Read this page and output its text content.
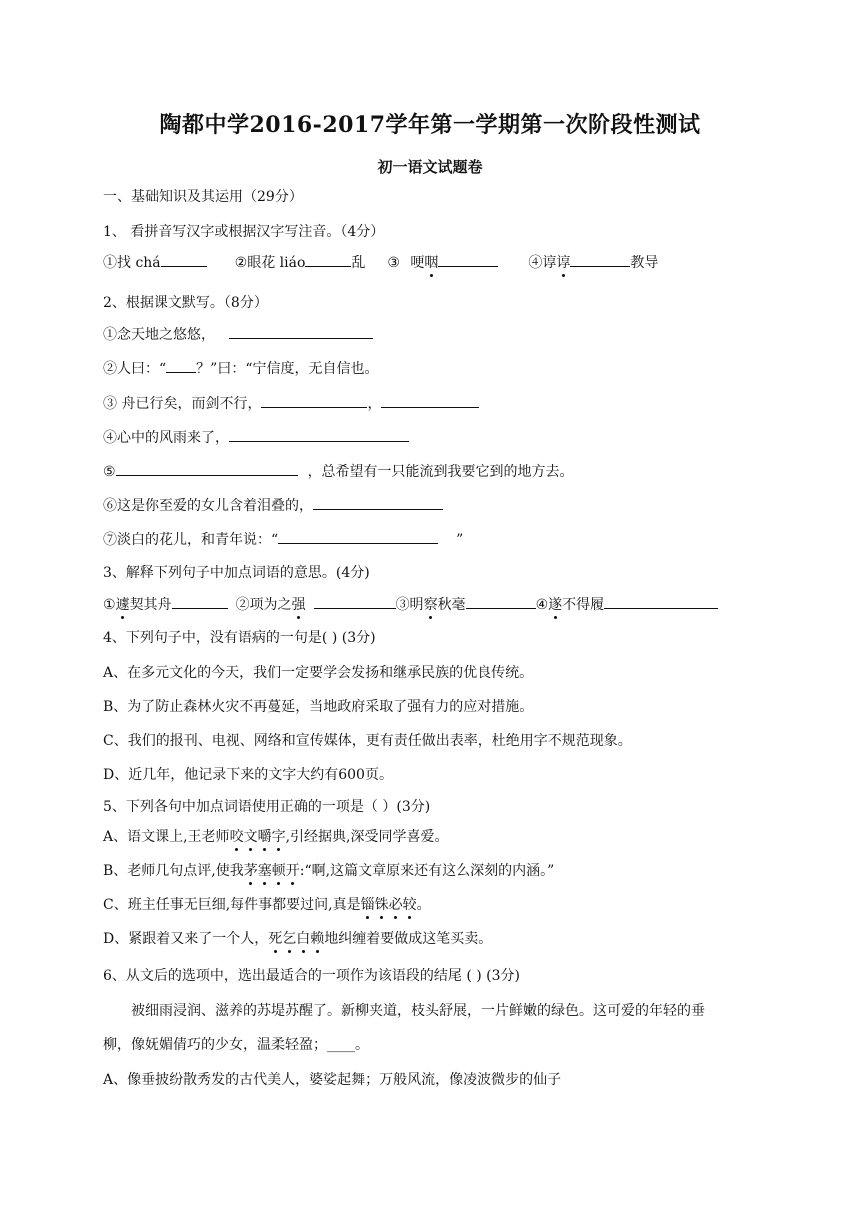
陶都中学2016-2017学年第一学期第一次阶段性测试
初一语文试题卷
一、基础知识及其运用（29分）
1、 看拼音写汉字或根据汉字写注音。（4分）
①找 chá	②眼花 liáo	乱 ③ 哽咽	④谆谆	教导
2、根据课文默写。（8分）
①念天地之悠悠，
②人曰：“ ？”曰：“宁信度，无自信也。
③ 舟已行矣，而剑不行，	，
④心中的风雨来了，
⑤	，总希望有一只能流到我要它到的地方去。
⑥这是你至爱的女儿含着泪叠的，
⑦淡白的花儿，和青年说：“	”
3、解释下列句子中加点词语的意思。(4分)
①遽契其舟	②项为之强	③明察秋毫	④遂不得履
4、下列句子中，没有语病的一句是( ) (3分)
A、在多元文化的今天，我们一定要学会发扬和继承民族的优良传统。
B、为了防止森林火灾不再蔓延，当地政府采取了强有力的应对措施。
C、我们的报刊、电视、网络和宣传媒体，更有责任做出表率，杜绝用字不规范现象。
D、近几年，他记录下来的文字大约有600页。
5、下列各句中加点词语使用正确的一项是（ ）(3分)
A、语文课上,王老师咬文嚼字,引经据典,深受同学喜爱。
B、老师几句点评,使我茅塞顿开:“啊,这篇文章原来还有这么深刻的内涵。”
C、班主任事无巨细,每件事都要过问,真是锱铢必较。
D、紧跟着又来了一个人，死乞白赖地纠缠着要做成这笔买卖。
6、从文后的选项中，选出最适合的一项作为该语段的结尾 ( ) (3分)
被细雨浸润、滋养的苏堤苏醒了。新柳夹道，枝头舒展，一片鲜嫩的绿色。这可爱的年轻的垂
柳，像妩媚倩巧的少女，温柔轻盈；____。
A、像垂披纷散秀发的古代美人，婆娑起舞；万般风流，像凌波微步的仙子
